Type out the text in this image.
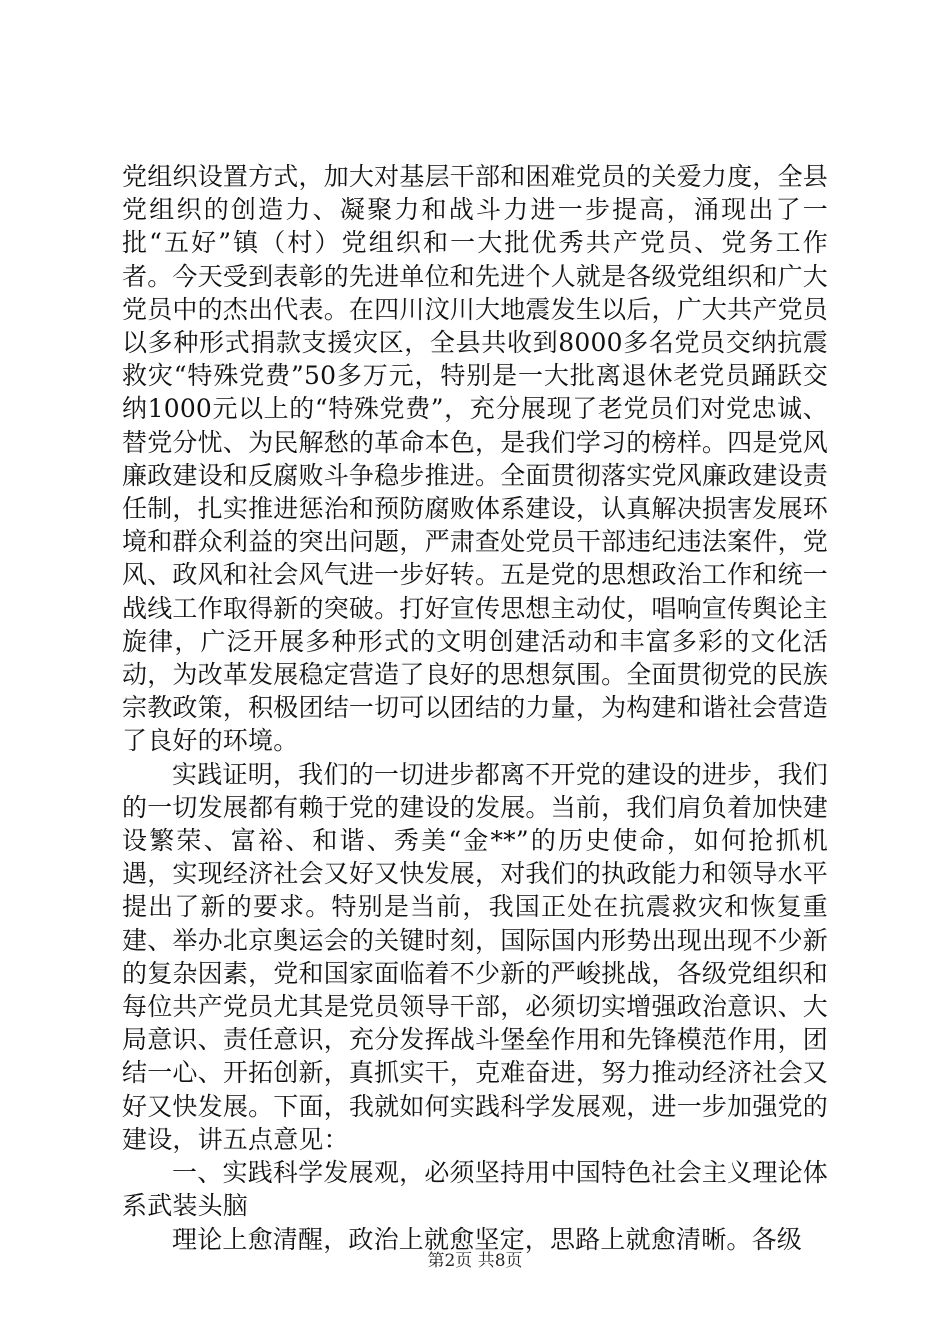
党组织设置方式，加大对基层干部和困难党员的关爱力度，全县党组织的创造力、凝聚力和战斗力进一步提高，涌现出了一批“五好”镇（村）党组织和一大批优秀共产党员、党务工作者。今天受到表彰的先进单位和先进个人就是各级党组织和广大党员中的杰出代表。在四川汶川大地震发生以后，广大共产党员以多种形式捐款支援灾区，全县共收到8000多名党员交纳抗震救灾“特殊党费”50多万元，特别是一大批离退休老党员踊跃交纳1000元以上的“特殊党费”，充分展现了老党员们对党忠诚、替党分忧、为民解愁的革命本色，是我们学习的榜样。四是党风廉政建设和反腐败斗争稳步推进。全面贯彻落实党风廉政建设责任制，扎实推进惩治和预防腐败体系建设，认真解决损害发展环境和群众利益的突出问题，严肃查处党员干部违纪违法案件，党风、政风和社会风气进一步好转。五是党的思想政治工作和统一战线工作取得新的突破。打好宣传思想主动仗，唱响宣传舆论主旋律，广泛开展多种形式的文明创建活动和丰富多彩的文化活动，为改革发展稳定营造了良好的思想氛围。全面贯彻党的民族宗教政策，积极团结一切可以团结的力量，为构建和谐社会营造了良好的环境。

实践证明，我们的一切进步都离不开党的建设的进步，我们的一切发展都有赖于党的建设的发展。当前，我们肩负着加快建设繁荣、富裕、和谐、秀美“金**”的历史使命，如何抢抓机遇，实现经济社会又好又快发展，对我们的执政能力和领导水平提出了新的要求。特别是当前，我国正处在抗震救灾和恢复重建、举办北京奥运会的关键时刻，国际国内形势出现出现不少新的复杂因素，党和国家面临着不少新的严峻挑战，各级党组织和每位共产党员尤其是党员领导干部，必须切实增强政治意识、大局意识、责任意识，充分发挥战斗堡垒作用和先锋模范作用，团结一心、开拓创新，真抓实干，克难奋进，努力推动经济社会又好又快发展。下面，我就如何实践科学发展观，进一步加强党的建设，讲五点意见：

一、实践科学发展观，必须坚持用中国特色社会主义理论体系武装头脑

理论上愈清醒，政治上就愈坚定，思路上就愈清晰。各级

第2页 共8页
